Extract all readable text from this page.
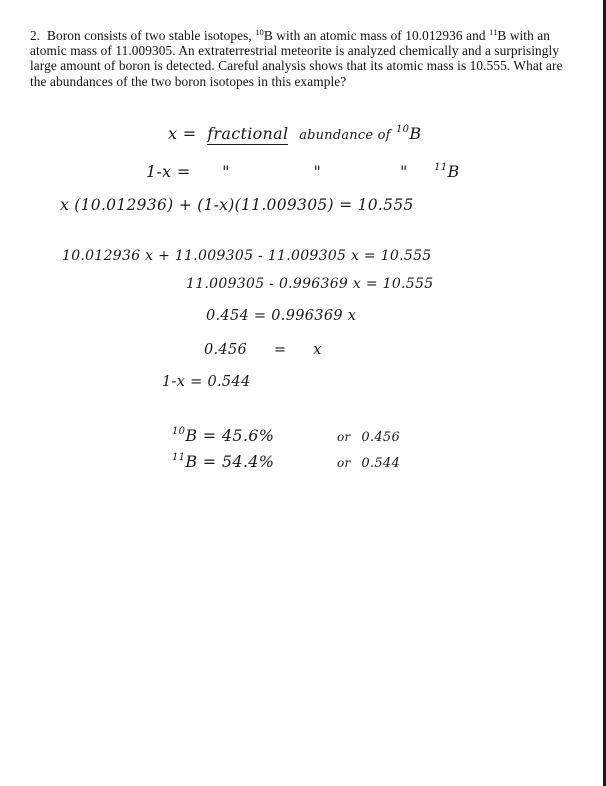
2. Boron consists of two stable isotopes, $^{10}$B with an atomic mass of 10.012936 and $^{11}$B with an atomic mass of 11.009305. An extraterrestrial meteorite is analyzed chemically and a surprisingly large amount of boron is detected. Careful analysis shows that its atomic mass is 10.555. What are the abundances of the two boron isotopes in this example?
x = fractional abundance of $^{10}$B
1-x = "	"	"	$^{11}$B
x (10.012936) + (1-x)(11.009305) = 10.555
10.012936 x + 11.009305 - 11.009305 x = 10.555
11.009305 - 0.996369 x = 10.555
0.454 = 0.996369 x
0.456 = x
1-x = 0.544
$^{10}$B = 45.6%	or 0.456
$^{11}$B = 54.4%	or 0.544
